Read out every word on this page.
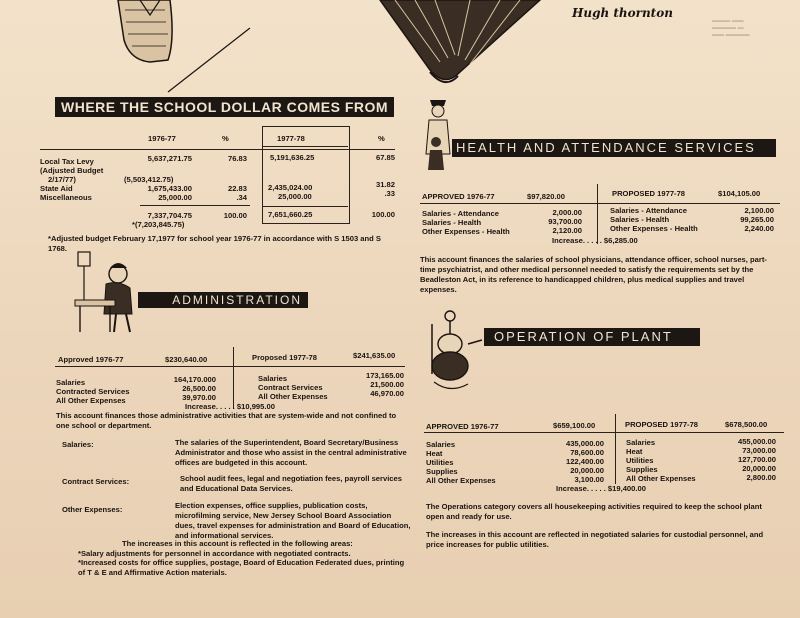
Hugh thornton
▬▬▬ ▬▬
▬▬▬▬ ▬
▬▬ ▬▬▬▬
WHERE THE SCHOOL DOLLAR COMES FROM
1976-77	%	1977-78	%
Local Tax Levy	5,637,271.75	76.83	5,191,636.25	67.85
(Adjusted Budget
2/17/77)	(5,503,412.75)
State Aid	1,675,433.00	22.83	2,435,024.00	31.82
Miscellaneous	25,000.00	.34	25,000.00	.33
7,337,704.75	100.00	7,651,660.25	100.00
*(7,203,845.75)
*Adjusted budget February 17,1977 for school year 1976-77 in accordance with S 1503 and S 1768.
ADMINISTRATION
Approved 1976-77	$230,640.00	Proposed 1977-78	$241,635.00
Salaries	164,170.000	Salaries	173,165.00
Contracted Services	26,500.00	Contract Services	21,500.00
All Other Expenses	39,970.00	All Other Expenses	46,970.00
Increase. . . . . $10,995.00
This account finances those administrative activities that are system-wide and not confined to one school or department.
Salaries:	The salaries of the Superintendent, Board Secretary/Business Administrator and those who assist in the central administrative offices are budgeted in this account.
Contract Services:	School audit fees, legal and negotiation fees, payroll services and Educational Data Services.
Other Expenses:	Election expenses, office supplies, publication costs, microfilming service, New Jersey School Board Association dues, travel expenses for administration and Board of Education, and informational services.
The increases in this account is reflected in the following areas:
*Salary adjustments for personnel in accordance with negotiated contracts.
*Increased costs for office supplies, postage, Board of Education Federated dues, printing of T & E and Affirmative Action materials.
HEALTH AND ATTENDANCE SERVICES
APPROVED 1976-77	$97,820.00	PROPOSED 1977-78	$104,105.00
Salaries - Attendance	2,000.00	Salaries - Attendance	2,100.00
Salaries - Health	93,700.00	Salaries - Health	99,265.00
Other Expenses - Health	2,120.00	Other Expenses - Health	2,240.00
Increase. . . . . $6,285.00
This account finances the salaries of school physicians, attendance officer, school nurses, part-time psychiatrist, and other medical personnel needed to satisfy the requirements set by the Beadleston Act, in its reference to handicapped children, plus medical supplies and travel expenses.
OPERATION OF PLANT
APPROVED 1976-77	$659,100.00	PROPOSED 1977-78	$678,500.00
Salaries	435,000.00	Salaries	455,000.00
Heat	78,600.00	Heat	73,000.00
Utilities	122,400.00	Utilities	127,700.00
Supplies	20,000.00	Supplies	20,000.00
All Other Expenses	3,100.00	All Other Expenses	2,800.00
Increase. . . . . $19,400.00
The Operations category covers all housekeeping activities required to keep the school plant open and ready for use.
The increases in this account are reflected in negotiated salaries for custodial personnel, and price increases for public utilities.
